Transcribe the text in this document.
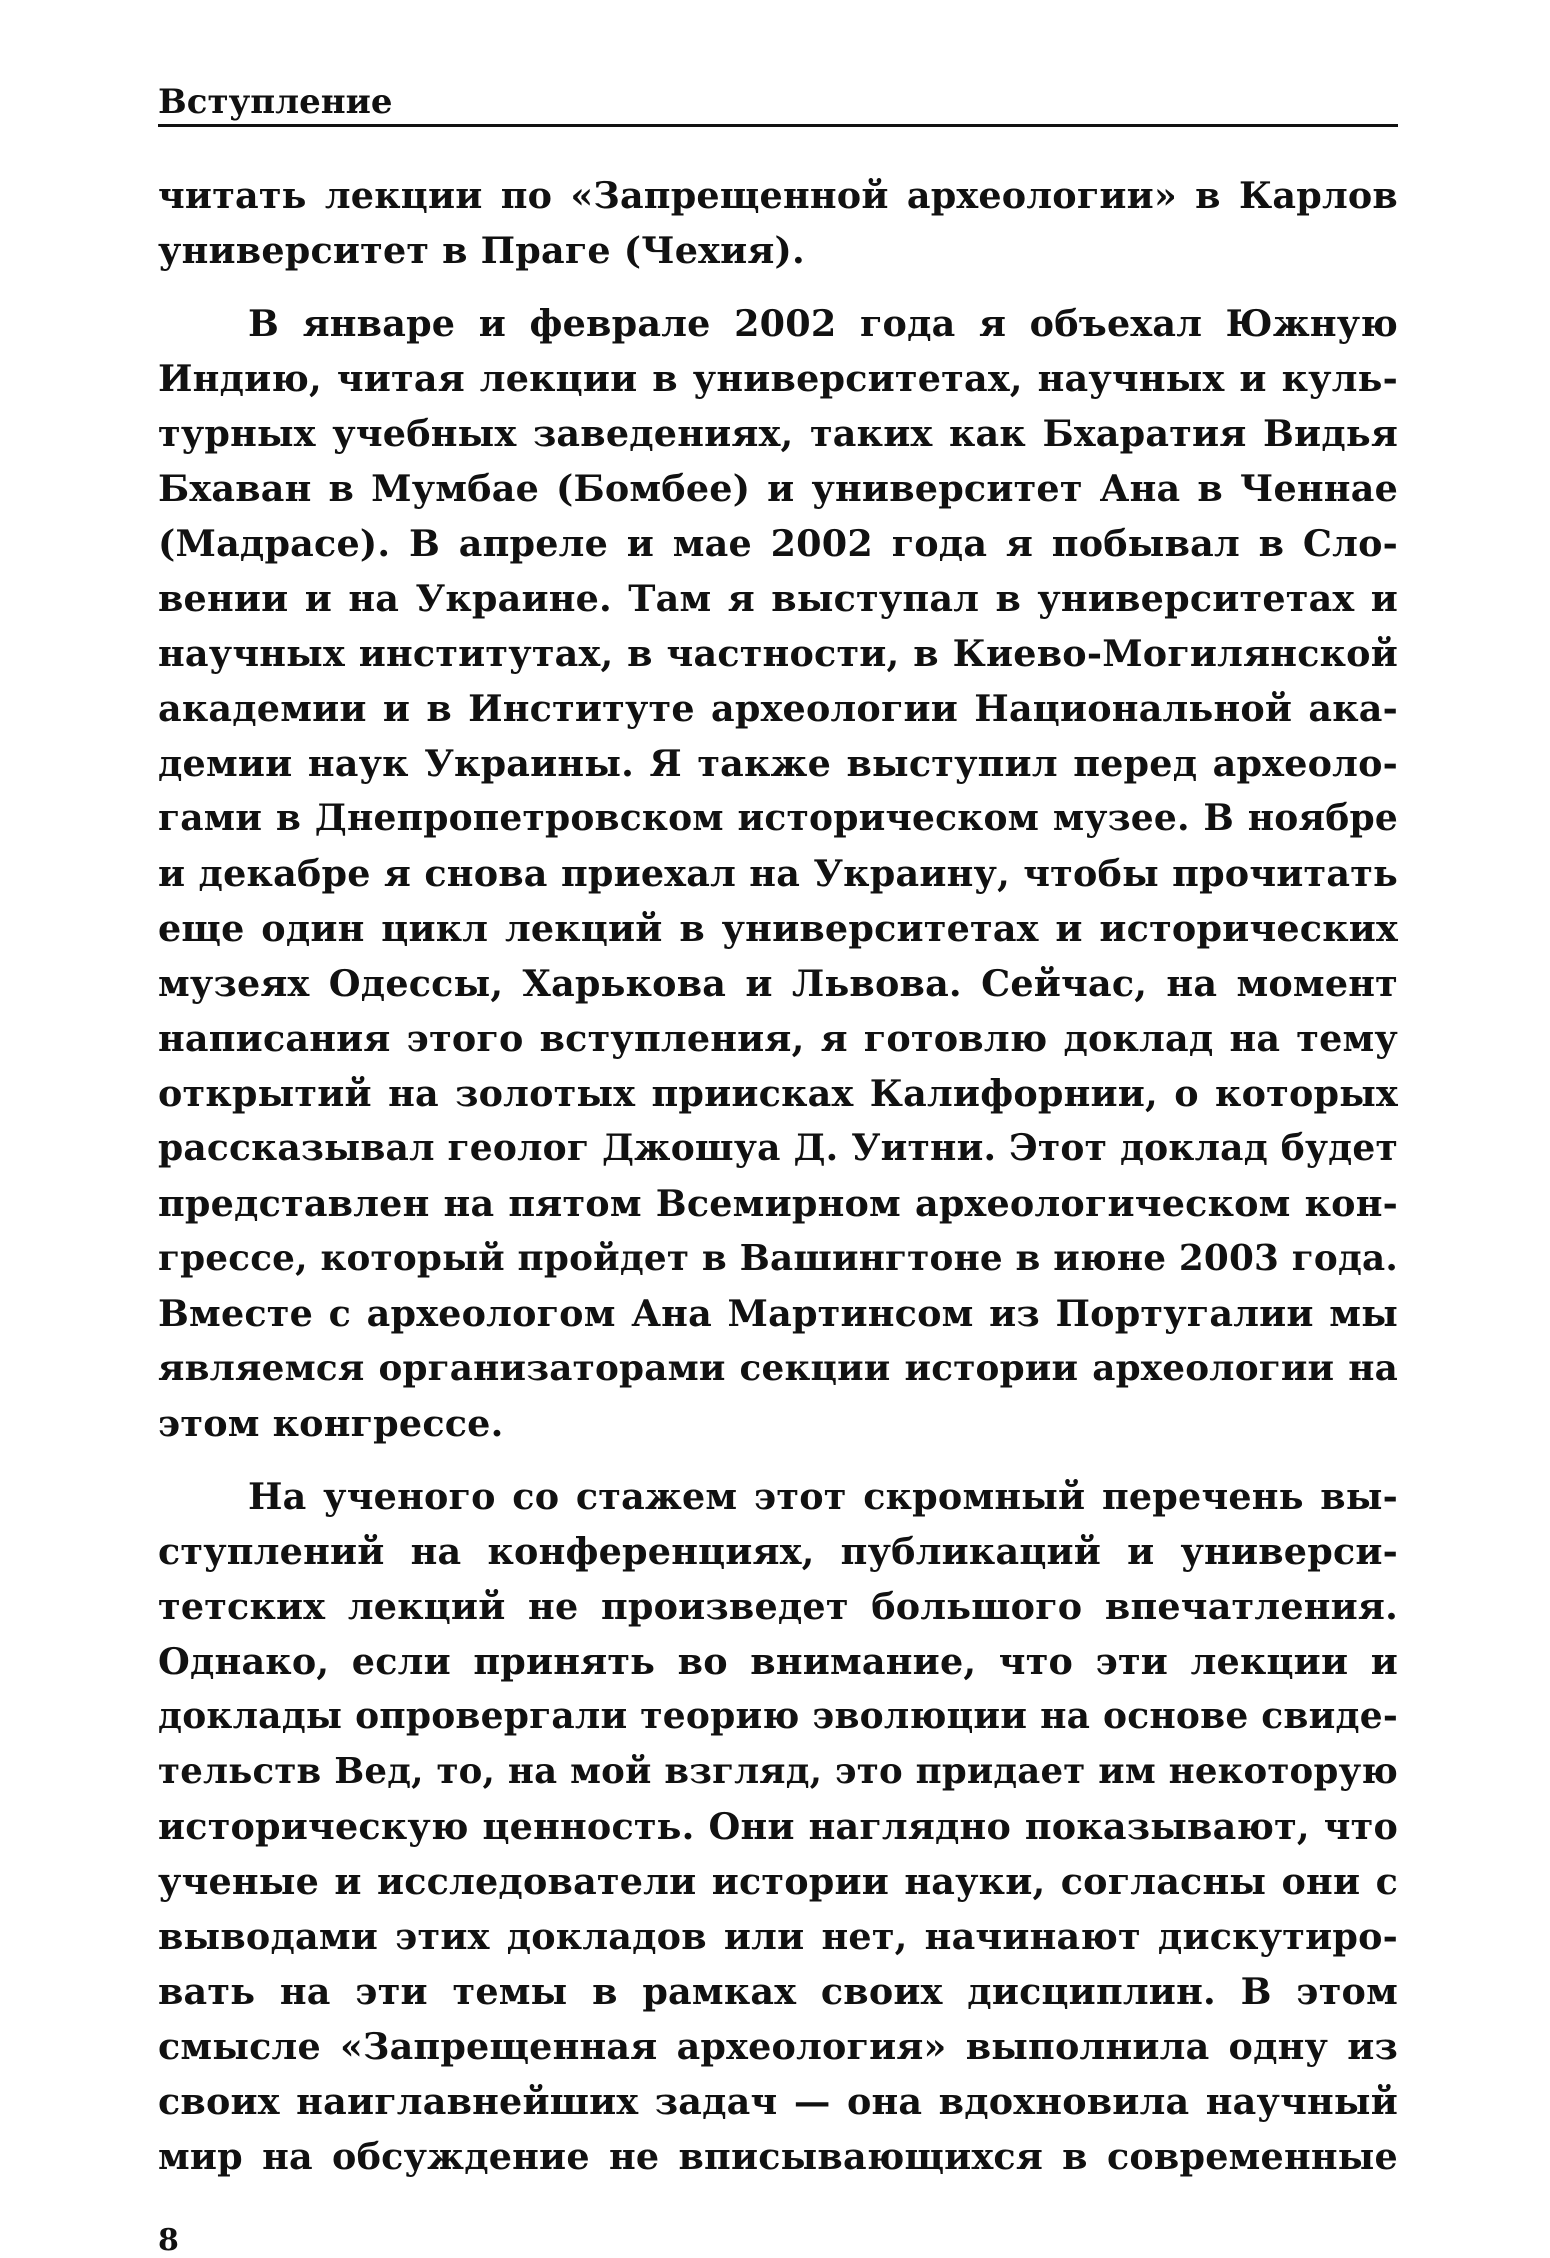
Вступление

читать лекции по «Запрещенной археологии» в Карлов
университет в Праге (Чехия).

В январе и феврале 2002 года я объехал Южную
Индию, читая лекции в университетах, научных и куль-
турных учебных заведениях, таких как Бхаратия Видья
Бхаван в Мумбае (Бомбее) и университет Ана в Ченнае
(Мадрасе). В апреле и мае 2002 года я побывал в Сло-
вении и на Украине. Там я выступал в университетах и
научных институтах, в частности, в Киево-Могилянской
академии и в Институте археологии Национальной ака-
демии наук Украины. Я также выступил перед археоло-
гами в Днепропетровском историческом музее. В ноябре
и декабре я снова приехал на Украину, чтобы прочитать
еще один цикл лекций в университетах и исторических
музеях Одессы, Харькова и Львова. Сейчас, на момент
написания этого вступления, я готовлю доклад на тему
открытий на золотых приисках Калифорнии, о которых
рассказывал геолог Джошуа Д. Уитни. Этот доклад будет
представлен на пятом Всемирном археологическом кон-
грессе, который пройдет в Вашингтоне в июне 2003 года.
Вместе с археологом Ана Мартинсом из Португалии мы
являемся организаторами секции истории археологии на
этом конгрессе.

На ученого со стажем этот скромный перечень вы-
ступлений на конференциях, публикаций и универси-
тетских лекций не произведет большого впечатления.
Однако, если принять во внимание, что эти лекции и
доклады опровергали теорию эволюции на основе свиде-
тельств Вед, то, на мой взгляд, это придает им некоторую
историческую ценность. Они наглядно показывают, что
ученые и исследователи истории науки, согласны они с
выводами этих докладов или нет, начинают дискутиро-
вать на эти темы в рамках своих дисциплин. В этом
смысле «Запрещенная археология» выполнила одну из
своих наиглавнейших задач — она вдохновила научный
мир на обсуждение не вписывающихся в современные

8
